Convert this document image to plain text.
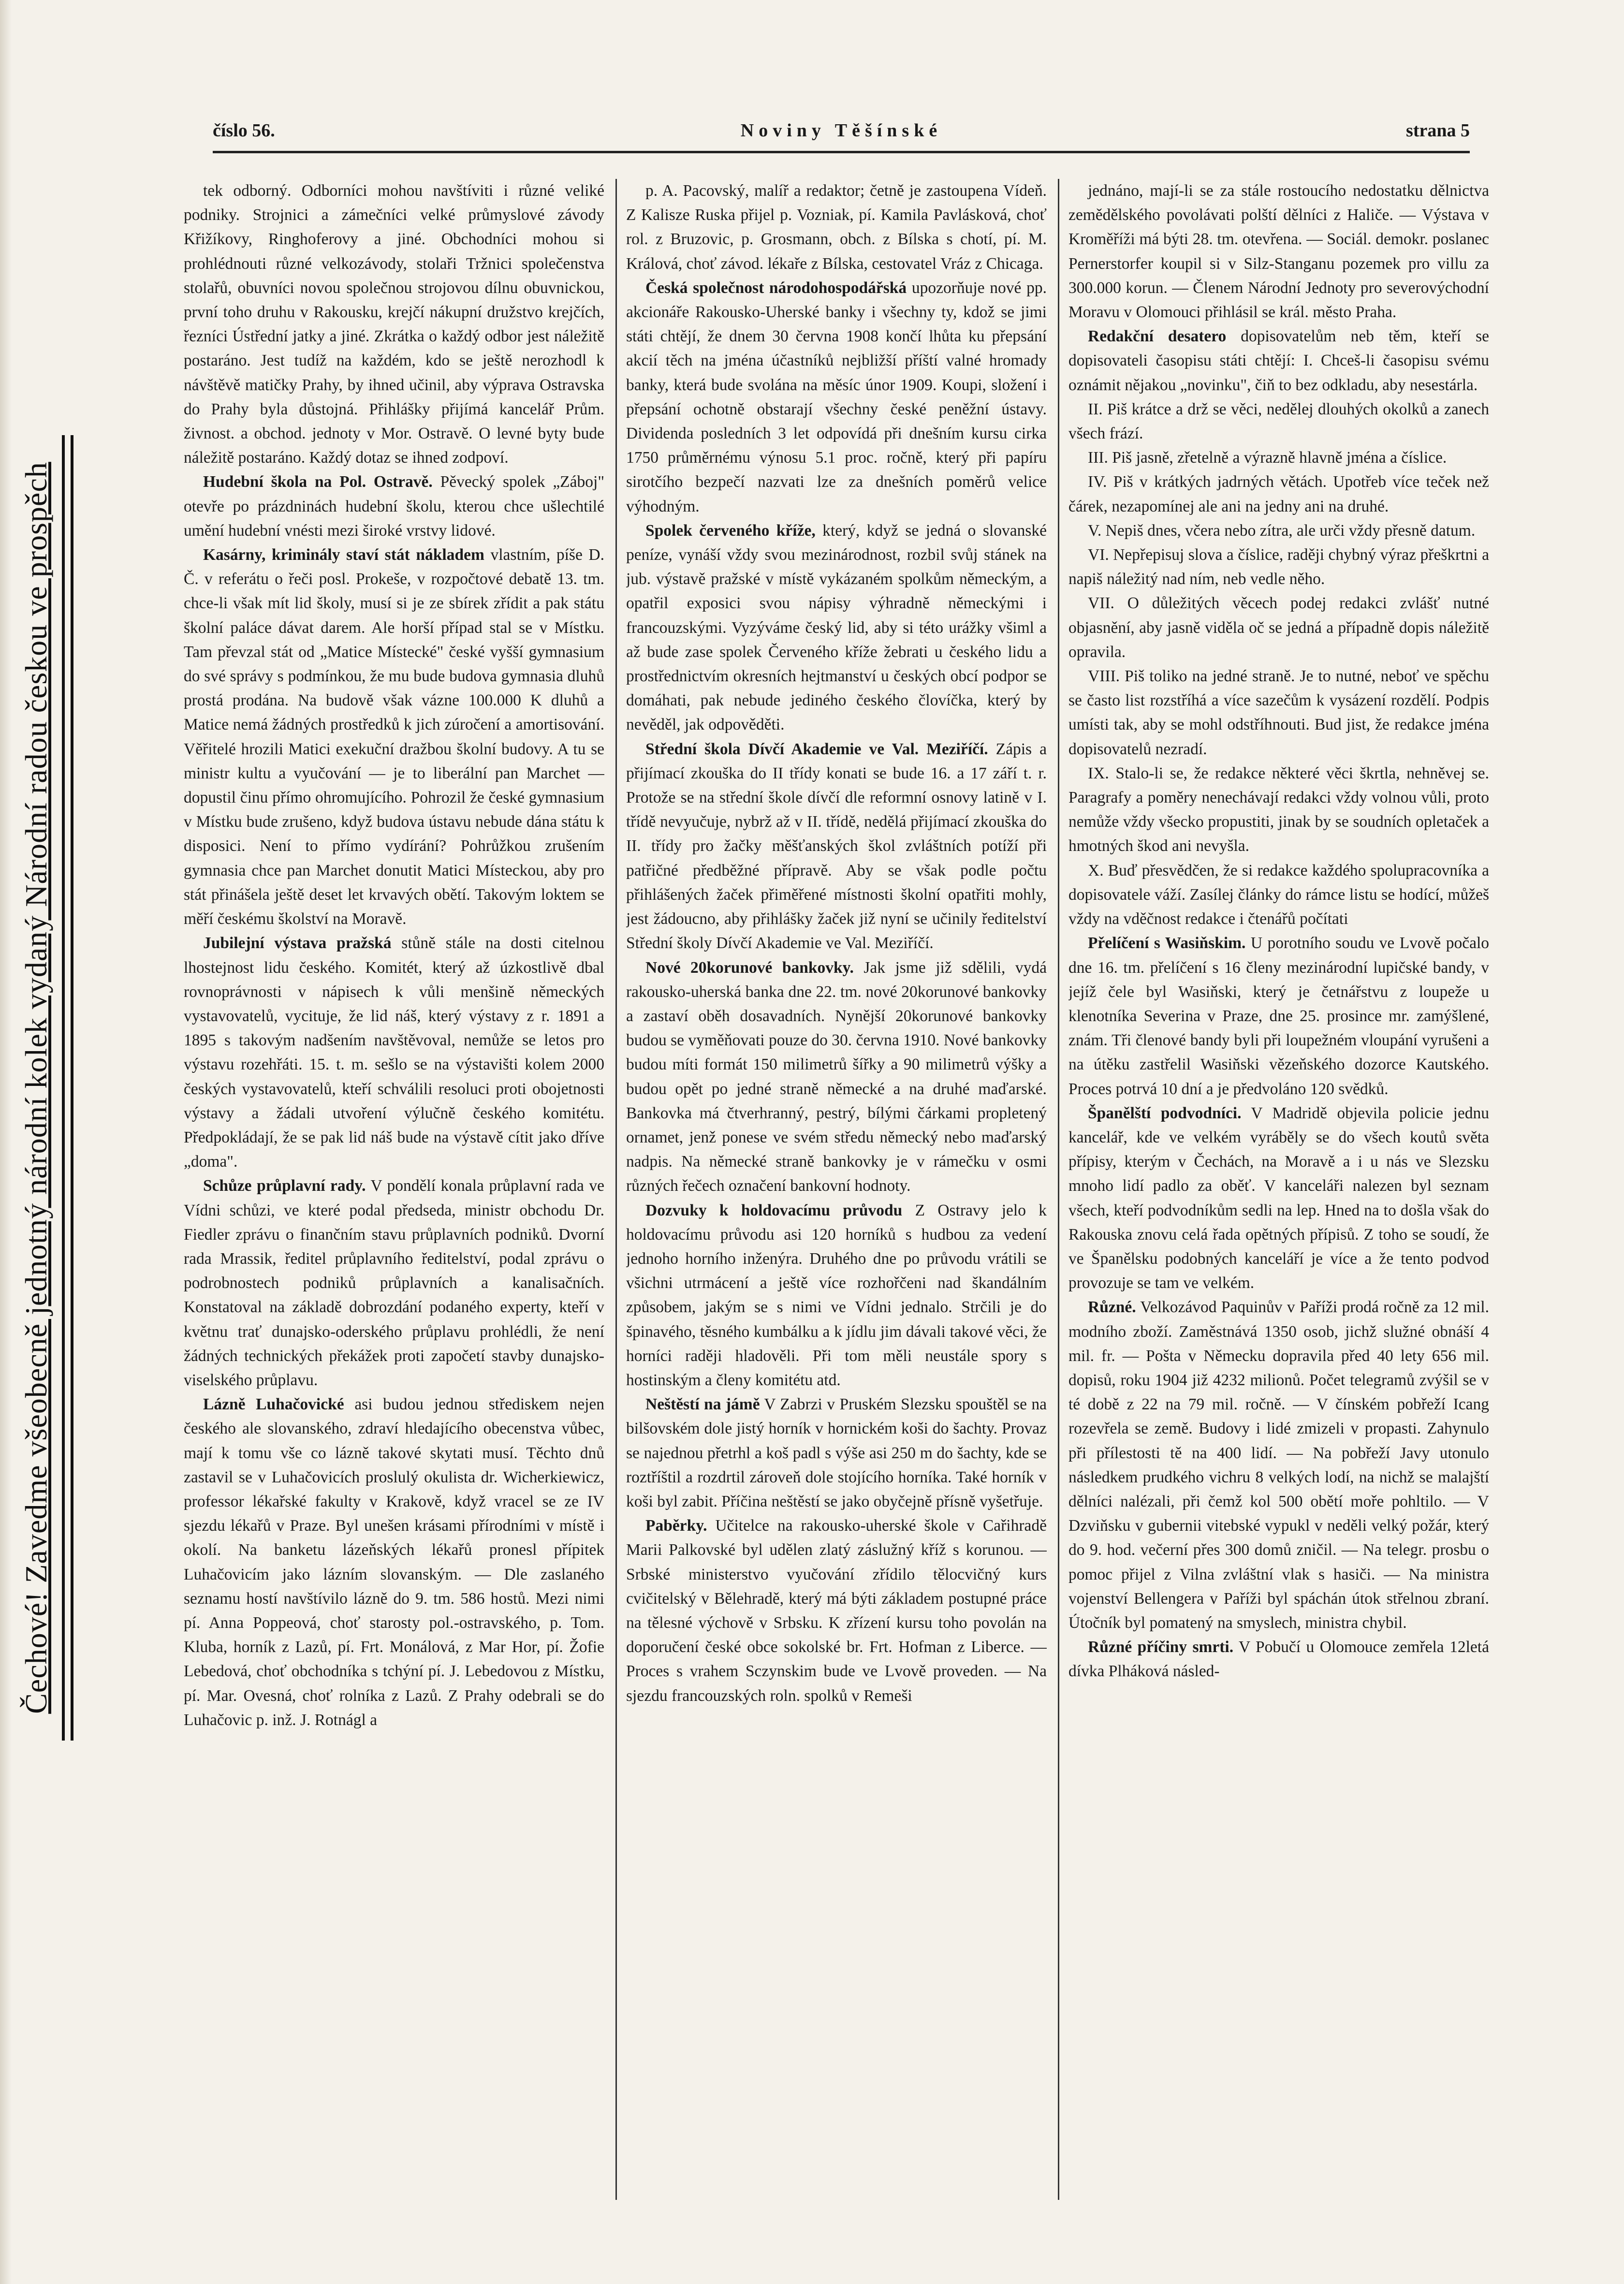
číslo 56.	Noviny Těšínské	strana 5
Čechové! Zavedme všeobecně jednotný národní kolek vydaný Národní radou českou ve prospěch

tek odborný. Odborníci mohou navštíviti i různé veliké podniky. Strojnici a zámečníci velké průmyslové závody Křižíkovy, Ringhoferovy a jiné. Obchodníci mohou si prohlédnouti různé velkozávody, stolaři Tržnici společenstva stolařů, obuvníci novou společnou strojovou dílnu obuvnickou, první toho druhu v Rakousku, krejčí nákupní družstvo krejčích, řezníci Ústřední jatky a jiné. Zkrátka o každý odbor jest náležitě postaráno. Jest tudíž na každém, kdo se ještě nerozhodl k návštěvě matičky Prahy, by ihned učinil, aby výprava Ostravska do Prahy byla důstojná. Přihlášky přijímá kancelář Prům. živnost. a obchod. jednoty v Mor. Ostravě. O levné byty bude náležitě postaráno. Každý dotaz se ihned zodpoví.

Hudební škola na Pol. Ostravě. Pěvecký spolek „Záboj" otevře po prázdninách hudební školu, kterou chce ušlechtilé umění hudební vnésti mezi široké vrstvy lidové.

Kasárny, kriminály staví stát nákladem vlastním, píše D. Č. v referátu o řeči posl. Prokeše, v rozpočtové debatě 13. tm. chce-li však mít lid školy, musí si je ze sbírek zřídit a pak státu školní paláce dávat darem. Ale horší případ stal se v Místku. Tam převzal stát od „Matice Místecké" české vyšší gymnasium do své správy s podmínkou, že mu bude budova gymnasia dluhů prostá prodána. Na budově však vázne 100.000 K dluhů a Matice nemá žádných prostředků k jich zúročení a amortisování. Věřitelé hrozili Matici exekuční dražbou školní budovy. A tu se ministr kultu a vyučování — je to liberální pan Marchet — dopustil činu přímo ohromujícího. Pohrozil že české gymnasium v Místku bude zrušeno, když budova ústavu nebude dána státu k disposici. Není to přímo vydírání? Pohrůžkou zrušením gymnasia chce pan Marchet donutit Matici Místeckou, aby pro stát přinášela ještě deset let krvavých obětí. Takovým loktem se měří českému školství na Moravě.

Jubilejní výstava pražská stůně stále na dosti citelnou lhostejnost lidu českého. Komitét, který až úzkostlivě dbal rovnoprávnosti v nápisech k vůli menšině německých vystavovatelů, vycituje, že lid náš, který výstavy z r. 1891 a 1895 s takovým nadšením navštěvoval, nemůže se letos pro výstavu rozehřáti. 15. t. m. sešlo se na výstavišti kolem 2000 českých vystavovatelů, kteří schválili resoluci proti obojetnosti výstavy a žádali utvoření výlučně českého komitétu. Předpokládají, že se pak lid náš bude na výstavě cítit jako dříve „doma".

Schůze průplavní rady. V pondělí konala průplavní rada ve Vídni schůzi, ve které podal předseda, ministr obchodu Dr. Fiedler zprávu o finančním stavu průplavních podniků. Dvorní rada Mrassik, ředitel průplavního ředitelství, podal zprávu o podrobnostech podniků průplavních a kanalisačních. Konstatoval na základě dobrozdání podaného experty, kteří v květnu trať dunajsko-oderského průplavu prohlédli, že není žádných technických překážek proti započetí stavby dunajsko-viselského průplavu.

Lázně Luhačovické asi budou jednou střediskem nejen českého ale slovanského, zdraví hledajícího obecenstva vůbec, mají k tomu vše co lázně takové skytati musí. Těchto dnů zastavil se v Luhačovicích proslulý okulista dr. Wicherkiewicz, professor lékařské fakulty v Krakově, když vracel se ze IV sjezdu lékařů v Praze. Byl unešen krásami přírodními v místě i okolí. Na banketu lázeňských lékařů pronesl přípitek Luhačovicím jako lázním slovanským. — Dle zaslaného seznamu hostí navštívilo lázně do 9. tm. 586 hostů. Mezi nimi pí. Anna Poppeová, choť starosty pol.-ostravského, p. Tom. Kluba, horník z Lazů, pí. Frt. Monálová, z Mar Hor, pí. Žofie Lebedová, choť obchodníka s tchýní pí. J. Lebedovou z Místku, pí. Mar. Ovesná, choť rolníka z Lazů. Z Prahy odebrali se do Luhačovic p. inž. J. Rotnágl a

p. A. Pacovský, malíř a redaktor; četně je zastoupena Vídeň. Z Kalisze Ruska přijel p. Vozniak, pí. Kamila Pavlásková, choť rol. z Bruzovic, p. Grosmann, obch. z Bílska s chotí, pí. M. Králová, choť závod. lékaře z Bílska, cestovatel Vráz z Chicaga.

Česká společnost národohospodářská upozorňuje nové pp. akcionáře Rakousko-Uherské banky i všechny ty, kdož se jimi státi chtějí, že dnem 30 června 1908 končí lhůta ku přepsání akcií těch na jména účastníků nejbližší příští valné hromady banky, která bude svolána na měsíc únor 1909. Koupi, složení i přepsání ochotně obstarají všechny české peněžní ústavy. Dividenda posledních 3 let odpovídá při dnešním kursu cirka 1750 průměrnému výnosu 5.1 proc. ročně, který při papíru sirotčího bezpečí nazvati lze za dnešních poměrů velice výhodným.

Spolek červeného kříže, který, když se jedná o slovanské peníze, vynáší vždy svou mezinárodnost, rozbil svůj stánek na jub. výstavě pražské v místě vykázaném spolkům německým, a opatřil exposici svou nápisy výhradně německými i francouzskými. Vyzýváme český lid, aby si této urážky všiml a až bude zase spolek Červeného kříže žebrati u českého lidu a prostřednictvím okresních hejtmanství u českých obcí podpor se domáhati, pak nebude jediného českého človíčka, který by nevěděl, jak odpověděti.

Střední škola Dívčí Akademie ve Val. Meziříčí. Zápis a přijímací zkouška do II třídy konati se bude 16. a 17 září t. r. Protože se na střední škole dívčí dle reformní osnovy latině v I. třídě nevyučuje, nybrž až v II. třídě, nedělá přijímací zkouška do II. třídy pro žačky měšťanských škol zvláštních potíží při patřičné předběžné přípravě. Aby se však podle počtu přihlášených žaček přiměřené místnosti školní opatřiti mohly, jest žádoucno, aby přihlášky žaček již nyní se učinily ředitelství Střední školy Dívčí Akademie ve Val. Meziříčí.

Nové 20korunové bankovky. Jak jsme již sdělili, vydá rakousko-uherská banka dne 22. tm. nové 20korunové bankovky a zastaví oběh dosavadních. Nynější 20korunové bankovky budou se vyměňovati pouze do 30. června 1910. Nové bankovky budou míti formát 150 milimetrů šířky a 90 milimetrů výšky a budou opět po jedné straně německé a na druhé maďarské. Bankovka má čtverhranný, pestrý, bílými čárkami propletený ornamet, jenž ponese ve svém středu německý nebo maďarský nadpis. Na německé straně bankovky je v rámečku v osmi různých řečech označení bankovní hodnoty.

Dozvuky k holdovacímu průvodu Z Ostravy jelo k holdovacímu průvodu asi 120 horníků s hudbou za vedení jednoho horního inženýra. Druhého dne po průvodu vrátili se všichni utrmácení a ještě více rozhořčeni nad škandálním způsobem, jakým se s nimi ve Vídni jednalo. Strčili je do špinavého, těsného kumbálku a k jídlu jim dávali takové věci, že horníci raději hladověli. Při tom měli neustále spory s hostinským a členy komitétu atd.

Neštěstí na jámě V Zabrzi v Pruském Slezsku spouštěl se na bilšovském dole jistý horník v hornickém koši do šachty. Provaz se najednou přetrhl a koš padl s výše asi 250 m do šachty, kde se roztříštil a rozdrtil zároveň dole stojícího horníka. Také horník v koši byl zabit. Příčina neštěstí se jako obyčejně přísně vyšetřuje.

Paběrky. Učitelce na rakousko-uherské škole v Cařihradě Marii Palkovské byl udělen zlatý záslužný kříž s korunou. — Srbské ministerstvo vyučování zřídilo tělocvičný kurs cvičitelský v Bělehradě, který má býti základem postupné práce na tělesné výchově v Srbsku. K zřízení kursu toho povolán na doporučení české obce sokolské br. Frt. Hofman z Liberce. — Proces s vrahem Sczynskim bude ve Lvově proveden. — Na sjezdu francouzských roln. spolků v Remeši

jednáno, mají-li se za stále rostoucího nedostatku dělnictva zemědělského povolávati polští dělníci z Haliče. — Výstava v Kroměříži má býti 28. tm. otevřena. — Sociál. demokr. poslanec Pernerstorfer koupil si v Silz-Stanganu pozemek pro villu za 300.000 korun. — Členem Národní Jednoty pro severovýchodní Moravu v Olomouci přihlásil se král. město Praha.

Redakční desatero dopisovatelům neb těm, kteří se dopisovateli časopisu státi chtějí: I. Chceš-li časopisu svému oznámit nějakou „novinku", čiň to bez odkladu, aby nesestárla.

II. Piš krátce a drž se věci, nedělej dlouhých okolků a zanech všech frází.

III. Piš jasně, zřetelně a výrazně hlavně jména a číslice.

IV. Piš v krátkých jadrných větách. Upotřeb více teček než čárek, nezapomínej ale ani na jedny ani na druhé.

V. Nepiš dnes, včera nebo zítra, ale urči vždy přesně datum.

VI. Nepřepisuj slova a číslice, raději chybný výraz přeškrtni a napiš náležitý nad ním, neb vedle něho.

VII. O důležitých věcech podej redakci zvlášť nutné objasnění, aby jasně viděla oč se jedná a případně dopis náležitě opravila.

VIII. Piš toliko na jedné straně. Je to nutné, neboť ve spěchu se často list rozstříhá a více sazečům k vysázení rozdělí. Podpis umísti tak, aby se mohl odstříhnouti. Bud jist, že redakce jména dopisovatelů nezradí.

IX. Stalo-li se, že redakce některé věci škrtla, nehněvej se. Paragrafy a poměry nenechávají redakci vždy volnou vůli, proto nemůže vždy všecko propustiti, jinak by se soudních opletaček a hmotných škod ani nevyšla.

X. Buď přesvědčen, že si redakce každého spolupracovníka a dopisovatele váží. Zasílej články do rámce listu se hodící, můžeš vždy na vděčnost redakce i čtenářů počítati

Přelíčení s Wasiňskim. U porotního soudu ve Lvově počalo dne 16. tm. přelíčení s 16 členy mezinárodní lupičské bandy, v jejíž čele byl Wasiňski, který je četnářstvu z loupeže u klenotníka Severina v Praze, dne 25. prosince mr. zamýšlené, znám. Tři členové bandy byli při loupežném vloupání vyrušeni a na útěku zastřelil Wasiňski vězeňského dozorce Kautského. Proces potrvá 10 dní a je předvoláno 120 svědků.

Španělští podvodníci. V Madridě objevila policie jednu kancelář, kde ve velkém vyráběly se do všech koutů světa přípisy, kterým v Čechách, na Moravě a i u nás ve Slezsku mnoho lidí padlo za oběť. V kanceláři nalezen byl seznam všech, kteří podvodníkům sedli na lep. Hned na to došla však do Rakouska znovu celá řada opětných přípisů. Z toho se soudí, že ve Španělsku podobných kanceláří je více a že tento podvod provozuje se tam ve velkém.

Různé. Velkozávod Paquinův v Paříži prodá ročně za 12 mil. modního zboží. Zaměstnává 1350 osob, jichž služné obnáší 4 mil. fr. — Pošta v Německu dopravila před 40 lety 656 mil. dopisů, roku 1904 již 4232 milionů. Počet telegramů zvýšil se v té době z 22 na 79 mil. ročně. — V čínském pobřeží Icang rozevřela se země. Budovy i lidé zmizeli v propasti. Zahynulo při přílestosti tě na 400 lidí. — Na pobřeží Javy utonulo následkem prudkého vichru 8 velkých lodí, na nichž se malajští dělníci nalézali, při čemž kol 500 obětí moře pohltilo. — V Dzviňsku v gubernii vitebské vypukl v neděli velký požár, který do 9. hod. večerní přes 300 domů zničil. — Na telegr. prosbu o pomoc přijel z Vilna zvláštní vlak s hasiči. — Na ministra vojenství Bellengera v Paříži byl spáchán útok střelnou zbraní. Útočník byl pomatený na smyslech, ministra chybil.

Různé příčiny smrti. V Pobučí u Olomouce zemřela 12letá dívka Plháková násled-
